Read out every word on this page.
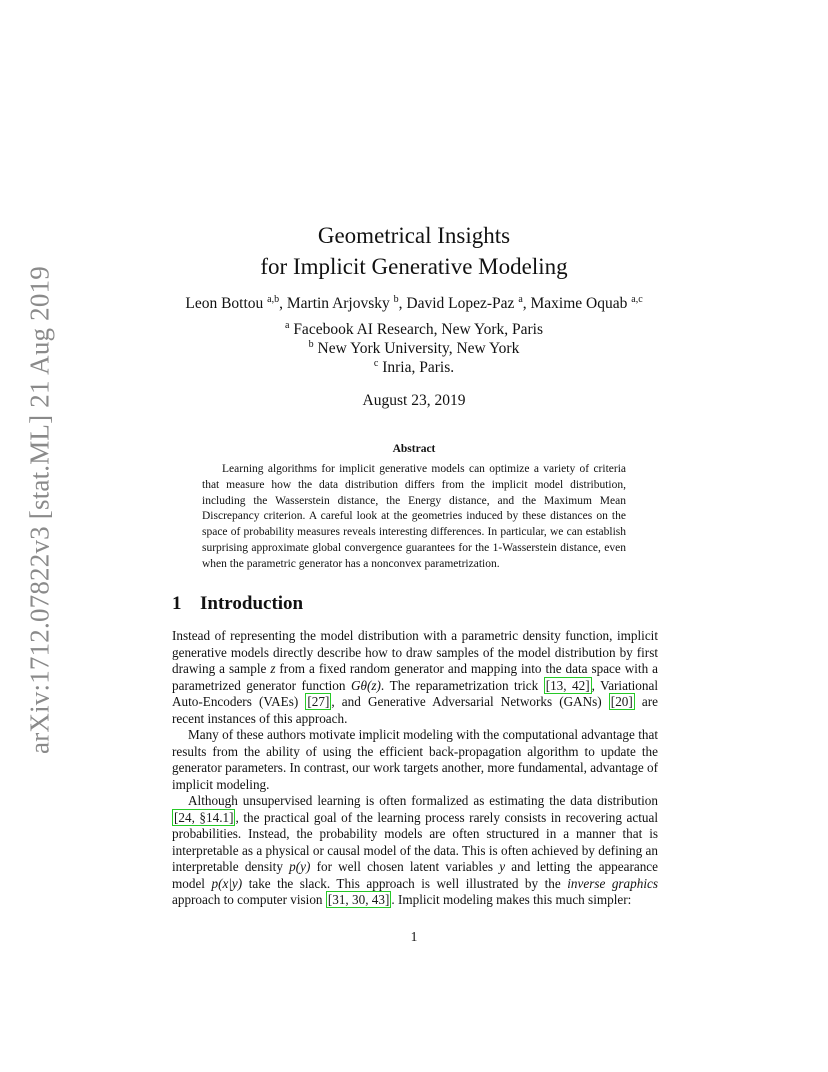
arXiv:1712.07822v3 [stat.ML] 21 Aug 2019
Geometrical Insights
for Implicit Generative Modeling
Leon Bottou $^{a,b}$, Martin Arjovsky $^b$, David Lopez-Paz $^a$, Maxime Oquab $^{a,c}$
$^a$ Facebook AI Research, New York, Paris
$^b$ New York University, New York
$^c$ Inria, Paris.
August 23, 2019
Abstract

Learning algorithms for implicit generative models can optimize a variety of criteria that measure how the data distribution differs from the implicit model distribution, including the Wasserstein distance, the Energy distance, and the Maximum Mean Discrepancy criterion. A careful look at the geometries induced by these distances on the space of probability measures reveals interesting differences. In particular, we can establish surprising approximate global convergence guarantees for the 1-Wasserstein distance, even when the parametric generator has a nonconvex parametrization.

1 Introduction

Instead of representing the model distribution with a parametric density function, implicit generative models directly describe how to draw samples of the model distribution by first drawing a sample z from a fixed random generator and mapping into the data space with a parametrized generator function Gθ(z). The reparametrization trick [13, 42] , Variational Auto-Encoders (VAEs) [27] , and Generative Adversarial Networks (GANs) [20] are recent instances of this approach.

Many of these authors motivate implicit modeling with the computational advantage that results from the ability of using the efficient back-propagation algorithm to update the generator parameters. In contrast, our work targets another, more fundamental, advantage of implicit modeling.

Although unsupervised learning is often formalized as estimating the data distribution [24, §14.1] , the practical goal of the learning process rarely consists in recovering actual probabilities. Instead, the probability models are often structured in a manner that is interpretable as a physical or causal model of the data. This is often achieved by defining an interpretable density p(y) for well chosen latent variables y and letting the appearance model p(x|y) take the slack. This approach is well illustrated by the inverse graphics approach to computer vision [31, 30, 43] . Implicit modeling makes this much simpler:

1
